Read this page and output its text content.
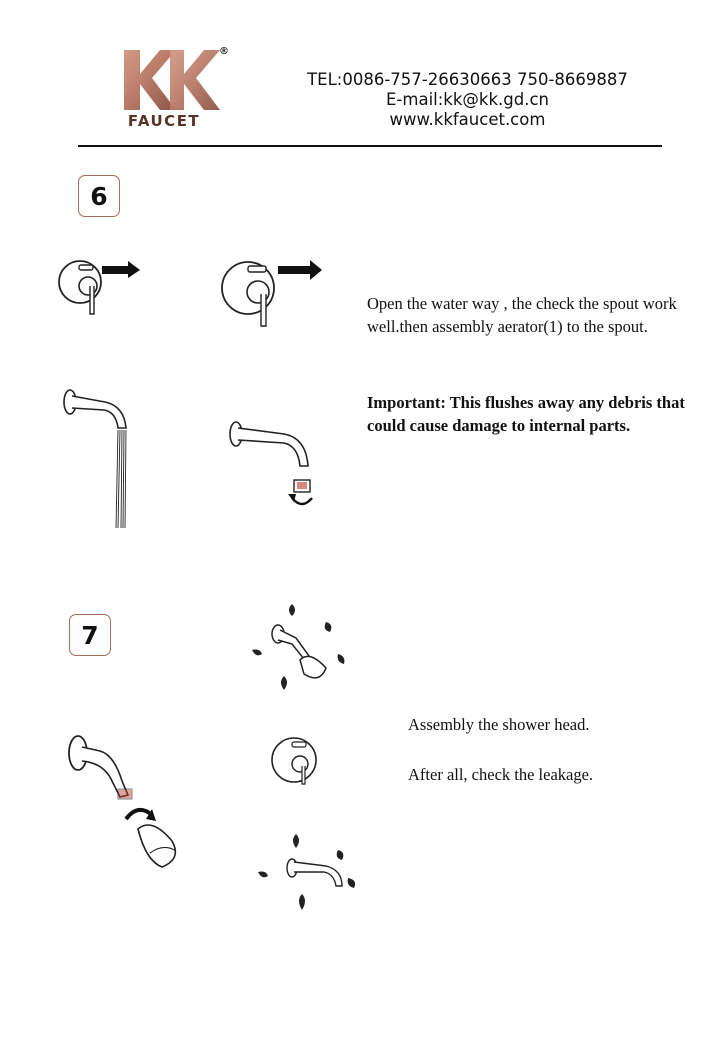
FAUCET
®
TEL:0086-757-26630663 750-8669887
E-mail:kk@kk.gd.cn
www.kkfaucet.com
6
Open the water way , the check the spout work well.then assembly aerator(1) to the spout.
Important: This flushes away any debris that could cause damage to internal parts.
7
Assembly the shower head.
After all, check the leakage.
